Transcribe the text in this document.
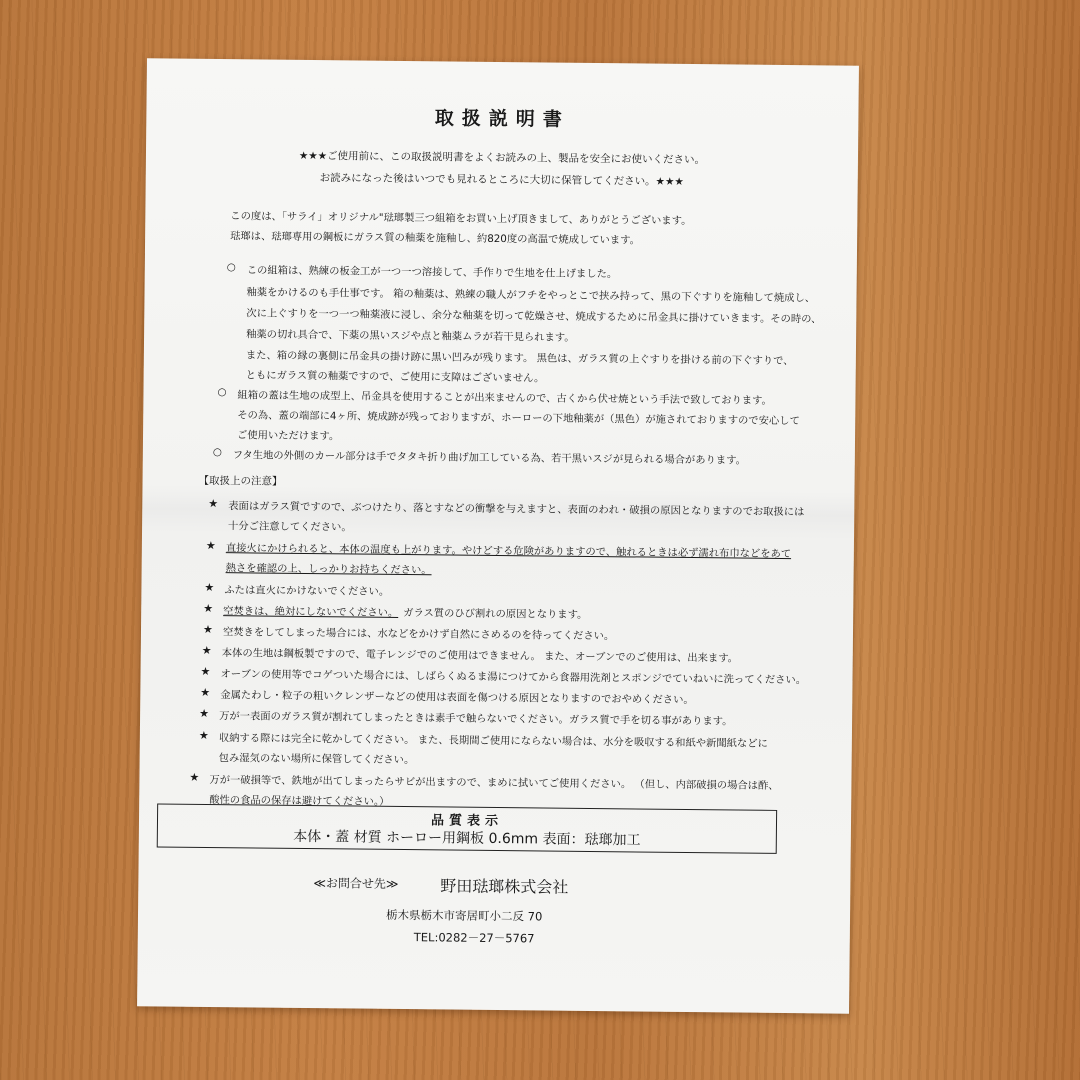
取扱説明書
★★★ご使用前に、この取扱説明書をよくお読みの上、製品を安全にお使いください。
お読みになった後はいつでも見れるところに大切に保管してください。★★★
この度は、「サライ」オリジナル"琺瑯製三つ組箱をお買い上げ頂きまして、ありがとうございます。
琺瑯は、琺瑯専用の鋼板にガラス質の釉薬を施釉し、約820度の高温で焼成しています。
○ この組箱は、熟練の板金工が一つ一つ溶接して、手作りで生地を仕上げました。
釉薬をかけるのも手仕事です。 箱の釉薬は、熟練の職人がフチをやっとこで挟み持って、黒の下ぐすりを施釉して焼成し、
次に上ぐすりを一つ一つ釉薬液に浸し、余分な釉薬を切って乾燥させ、焼成するために吊金具に掛けていきます。その時の、
釉薬の切れ具合で、下薬の黒いスジや点と釉薬ムラが若干見られます。
また、箱の縁の裏側に吊金具の掛け跡に黒い凹みが残ります。 黒色は、ガラス質の上ぐすりを掛ける前の下ぐすりで、
ともにガラス質の釉薬ですので、ご使用に支障はございません。
○ 組箱の蓋は生地の成型上、吊金具を使用することが出来ませんので、古くから伏せ焼という手法で致しております。
その為、蓋の端部に4ヶ所、焼成跡が残っておりますが、ホーローの下地釉薬が（黒色）が施されておりますので安心して
ご使用いただけます。
○ フタ生地の外側のカール部分は手でタタキ折り曲げ加工している為、若干黒いスジが見られる場合があります。
【取扱上の注意】
★ 表面はガラス質ですので、ぶつけたり、落とすなどの衝撃を与えますと、表面のわれ・破損の原因となりますのでお取扱には
十分ご注意してください。
★ 直接火にかけられると、本体の温度も上がります。やけどする危険がありますので、触れるときは必ず濡れ布巾などをあて
熱さを確認の上、しっかりお持ちください。
★ ふたは直火にかけないでください。
★ 空焚きは、絶対にしないでください。 ガラス質のひび割れの原因となります。
★ 空焚きをしてしまった場合には、水などをかけず自然にさめるのを待ってください。
★ 本体の生地は鋼板製ですので、電子レンジでのご使用はできません。 また、オーブンでのご使用は、出来ます。
★ オーブンの使用等でコゲついた場合には、しばらくぬるま湯につけてから食器用洗剤とスポンジでていねいに洗ってください。
★ 金属たわし・粒子の粗いクレンザーなどの使用は表面を傷つける原因となりますのでおやめください。
★ 万が一表面のガラス質が割れてしまったときは素手で触らないでください。ガラス質で手を切る事があります。
★ 収納する際には完全に乾かしてください。 また、長期間ご使用にならない場合は、水分を吸収する和紙や新聞紙などに
包み湿気のない場所に保管してください。
★ 万が一破損等で、鉄地が出てしまったらサビが出ますので、まめに拭いてご使用ください。 （但し、内部破損の場合は酢、
酸性の食品の保存は避けてください。）
品質表示
本体・蓋 材質 ホーロー用鋼板 0.6mm 表面：琺瑯加工
≪お問合せ先≫	野田琺瑯株式会社
栃木県栃木市寄居町小二反 70
TEL:0282－27－5767
